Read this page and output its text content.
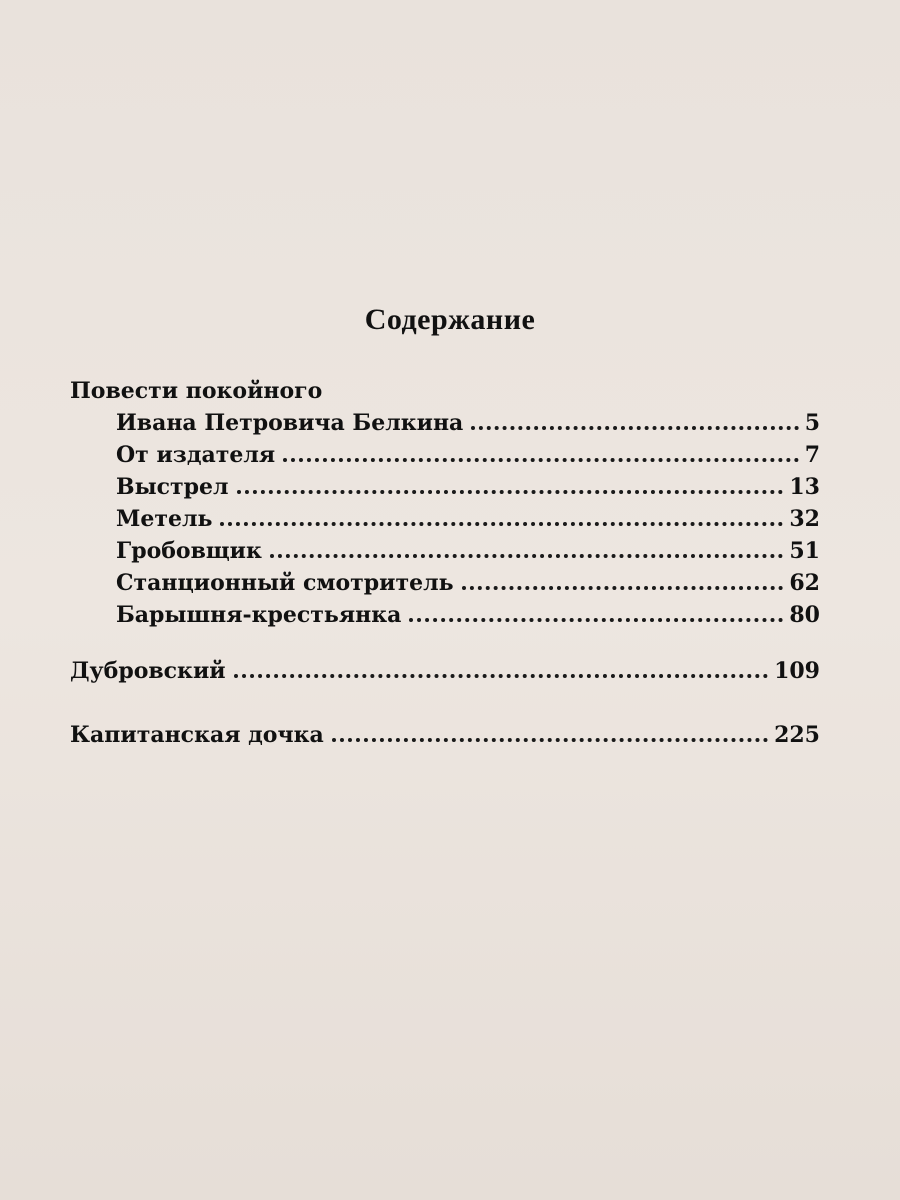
Содержание
Повести покойного
Ивана Петровича Белкина	5
От издателя	7
Выстрел	13
Метель	32
Гробовщик	51
Станционный смотритель	62
Барышня-крестьянка	80
Дубровский	109
Капитанская дочка	225
